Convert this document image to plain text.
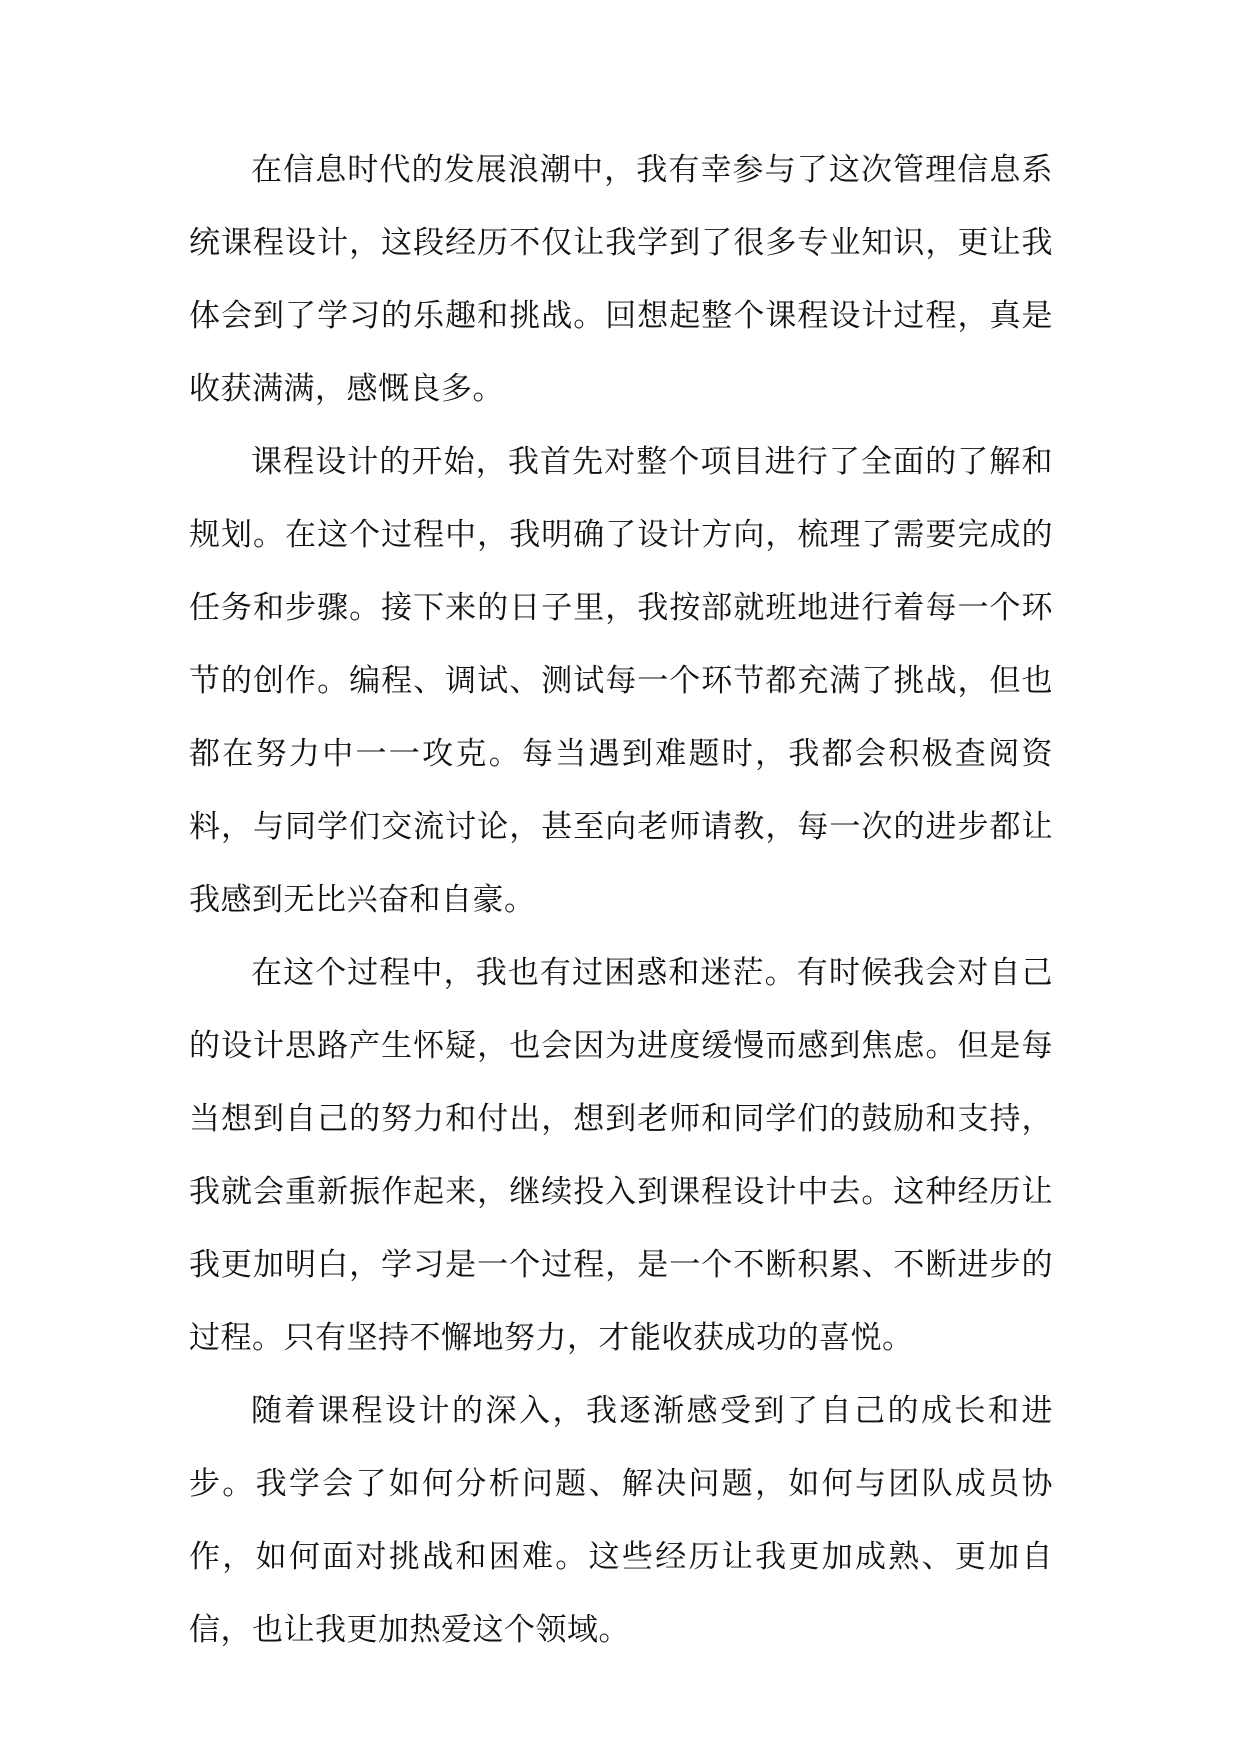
在信息时代的发展浪潮中，我有幸参与了这次管理信息系统课程设计，这段经历不仅让我学到了很多专业知识，更让我体会到了学习的乐趣和挑战。回想起整个课程设计过程，真是收获满满，感慨良多。

课程设计的开始，我首先对整个项目进行了全面的了解和规划。在这个过程中，我明确了设计方向，梳理了需要完成的任务和步骤。接下来的日子里，我按部就班地进行着每一个环节的创作。编程、调试、测试每一个环节都充满了挑战，但也都在努力中一一攻克。每当遇到难题时，我都会积极查阅资料，与同学们交流讨论，甚至向老师请教，每一次的进步都让我感到无比兴奋和自豪。

在这个过程中，我也有过困惑和迷茫。有时候我会对自己的设计思路产生怀疑，也会因为进度缓慢而感到焦虑。但是每当想到自己的努力和付出，想到老师和同学们的鼓励和支持，我就会重新振作起来，继续投入到课程设计中去。这种经历让我更加明白，学习是一个过程，是一个不断积累、不断进步的过程。只有坚持不懈地努力，才能收获成功的喜悦。

随着课程设计的深入，我逐渐感受到了自己的成长和进步。我学会了如何分析问题、解决问题，如何与团队成员协作，如何面对挑战和困难。这些经历让我更加成熟、更加自信，也让我更加热爱这个领域。
